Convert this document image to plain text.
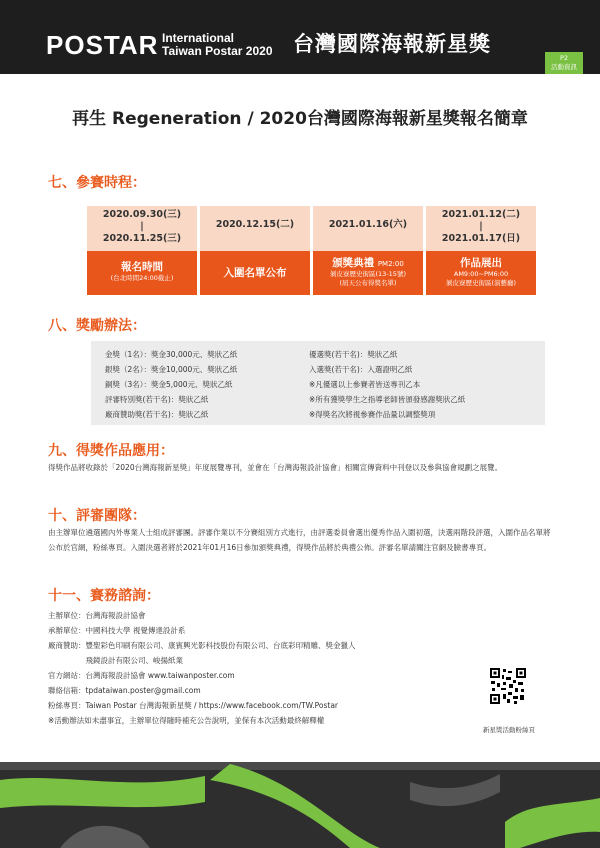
POSTAR International
Taiwan Postar 2020 台灣國際海報新星獎
P2
活動資訊
再生 Regeneration / 2020台灣國際海報新星獎報名簡章
七、參賽時程：
2020.09.30(三)
|
2020.11.25(三)
報名時間
(台北時間24:00截止)
2020.12.15(二)
入圍名單公布
2021.01.16(六)
頒獎典禮 PM2:00
剝皮寮歷史街區(13-15號)
(屆天公布得獎名單)
2021.01.12(二)
|
2021.01.17(日)
作品展出
AM9:00~PM6:00
剝皮寮歷史街區(演藝廳)
八、獎勵辦法：
金獎（1名）：獎金30,000元、獎狀乙紙
銀獎（2名）：獎金10,000元、獎狀乙紙
銅獎（3名）：獎金5,000元、獎狀乙紙
評審特別獎(若干名)：獎狀乙紙
廠商贊助獎(若干名)：獎狀乙紙
優選獎(若干名)：獎狀乙紙
入選獎(若干名)：入選證明乙紙
※凡優選以上參賽者皆送專刊乙本
※所有獲獎學生之指導老師皆頒發感謝獎狀乙紙
※得獎名次將視參賽作品量以調整獎項
九、得獎作品應用：
得獎作品將收錄於「2020台灣海報新星獎」年度展覽專刊，並會在「台灣海報設計協會」相關宣傳資料中刊登以及參與協會規劃之展覽。
十、評審團隊：
由主辦單位遴選國內外專業人士組成評審團。評審作業以不分賽組別方式進行，由評選委員會選出優秀作品入圍初選，決選兩階段評選，入圍作品名單將公布於官網，粉絲專頁。入圍決選者將於2021年01月16日參加頒獎典禮，得獎作品將於典禮公佈。評審名單請關注官網及臉書專頁。
十一、賽務諮詢：
主辦單位：台灣海報設計協會
承辦單位：中國科技大學 視覺傳達設計系
廠商贊助：豐聖彩色印刷有限公司、康賓興光影科技股份有限公司、台底彩印精雕、獎金獵人
　　　　　飛鏡設計有限公司、峻揚紙業
官方網站：台灣海報設計協會 www.taiwanposter.com
聯絡信箱：tpdataiwan.poster@gmail.com
粉絲專頁：Taiwan Postar 台灣海報新星獎 / https://www.facebook.com/TW.Postar
※活動辦法如未盡事宜，主辦單位得隨時補充公告說明，並保有本次活動最終解釋權
新星獎活動粉絲頁
